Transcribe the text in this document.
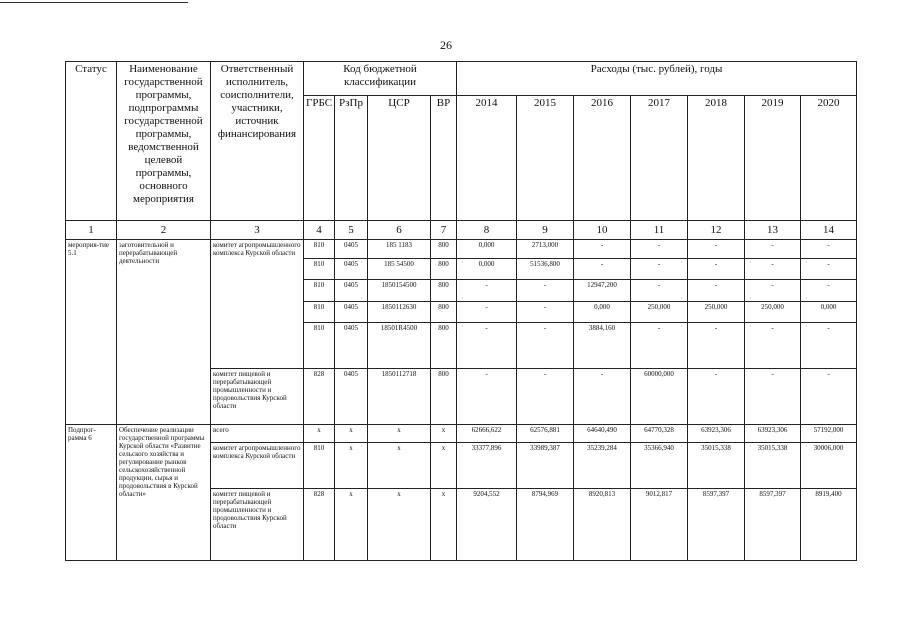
26
Статус	Наименование государственной программы, подпрограммы государственной программы, ведомственной целевой программы, основного мероприятия	Ответственный исполнитель, соисполнители, участники, источник финансирования	Код бюджетной классификации				Расходы (тыс. рублей), годы						
			ГРБС	РзПр	ЦСР	ВР	2014	2015	2016	2017	2018	2019	2020
1	2	3	4	5	6	7	8	9	10	11	12	13	14
мероприя-тие 5.1	заготовительной и перерабатывающей деятельности	комитет агропромышленного комплекса Курской области	810	0405	185 1183	800	0,000	2713,000	-	-	-	-	-
			810	0405	185 54500	800	0,000	51536,800	-	-	-	-	-
			810	0405	1850154500	800	-	-	12947,200	-	-	-	-
			810	0405	1850112630	800	-	-	0,000	250,000	250,000	250,000	0,000
			810	0405	18501R4500	800	-	-	3884,160	-	-	-	-
		комитет пищевой и перерабатывающей промышленности и продовольствия Курской области	828	0405	1850112718	800	-	-	-	60000,000	-	-	-
Подпрог-рамма 6	Обеспечение реализации государственной программы Курской области «Развитие сельского хозяйства и регулирование рынков сельскохозяйственной продукции, сырья и продовольствия в Курской области»	всего	x	x	x	x	62666,622	62576,881	64640,490	64770,328	63923,306	63923,306	57192,000
		комитет агропромышленного комплекса Курской области	810	x	x	x	33377,896	33989,387	35239,284	35366,940	35015,338	35015,338	30006,000
		комитет пищевой и перерабатывающей промышленности и продовольствия Курской области	828	x	x	x	9204,552	8794,969	8920,813	9012,817	8597,397	8597,397	8919,400
